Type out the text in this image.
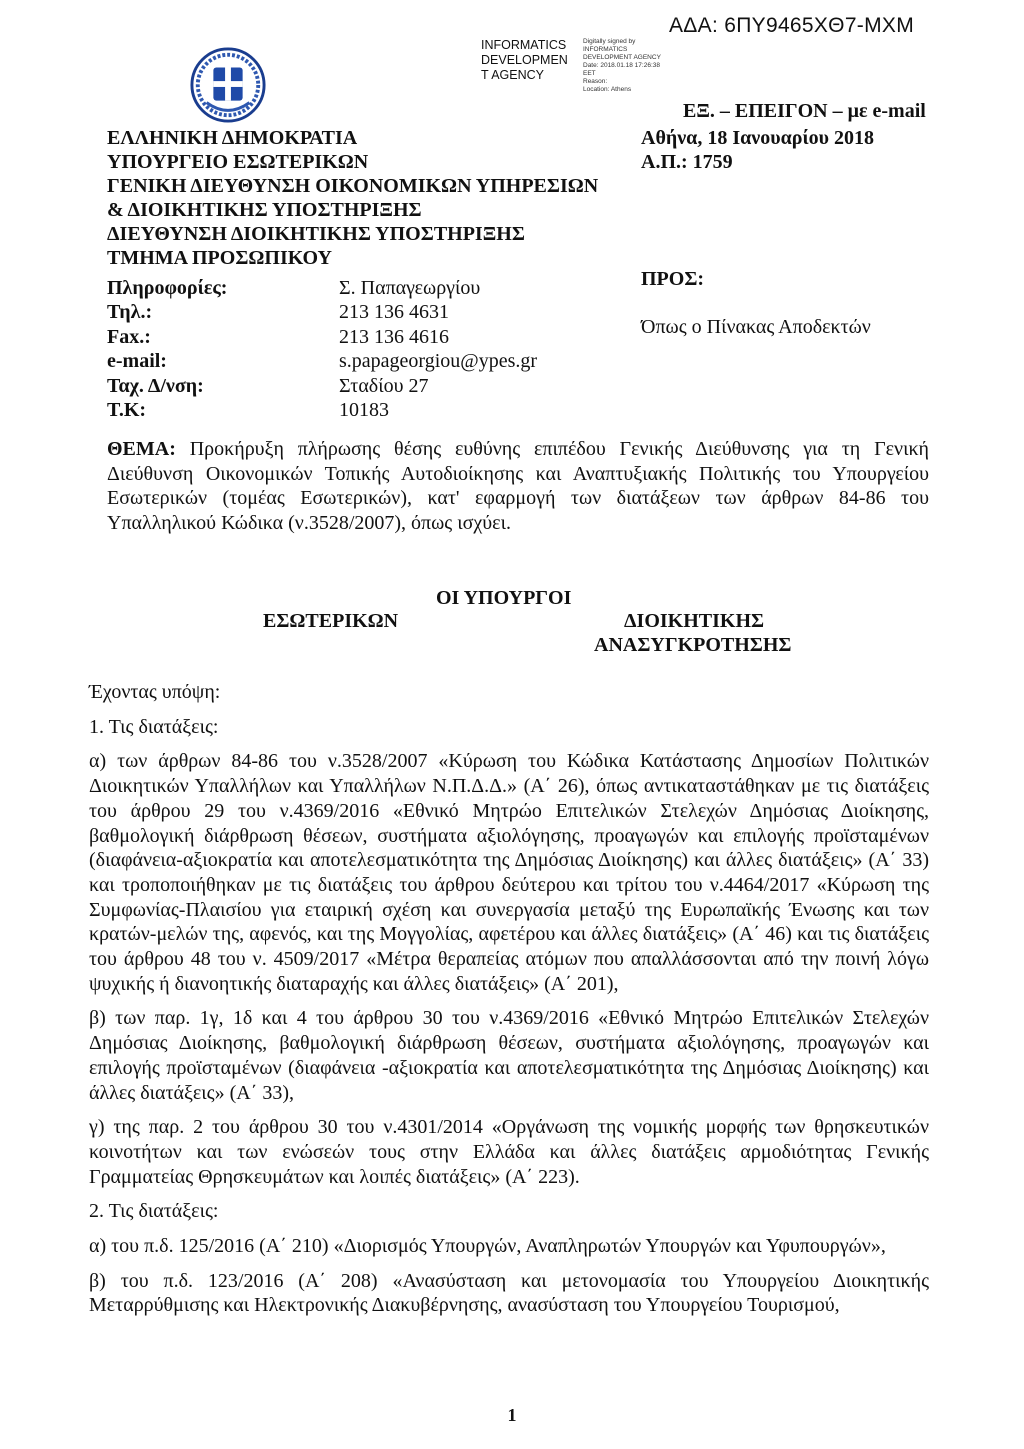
ΑΔΑ: 6ΠΥ9465ΧΘ7-ΜΧΜ
INFORMATICS
DEVELOPMEN
T AGENCY
Digitally signed by
INFORMATICS
DEVELOPMENT AGENCY
Date: 2018.01.18 17:26:38
EET
Reason:
Location: Athens
ΕΞ. – ΕΠΕΙΓΟΝ – με e-mail
ΕΛΛΗΝΙΚΗ ΔΗΜΟΚΡΑΤΙΑ
ΥΠΟΥΡΓΕΙΟ ΕΣΩΤΕΡΙΚΩΝ
ΓΕΝΙΚΗ ΔΙΕΥΘΥΝΣΗ ΟΙΚΟΝΟΜΙΚΩΝ ΥΠΗΡΕΣΙΩΝ
& ΔΙΟΙΚΗΤΙΚΗΣ ΥΠΟΣΤΗΡΙΞΗΣ
ΔΙΕΥΘΥΝΣΗ ΔΙΟΙΚΗΤΙΚΗΣ ΥΠΟΣΤΗΡΙΞΗΣ
ΤΜΗΜΑ ΠΡΟΣΩΠΙΚΟΥ
Αθήνα, 18 Ιανουαρίου 2018
Α.Π.: 1759
Πληροφορίες:	Σ. Παπαγεωργίου
Τηλ.:	213 136 4631
Fax.:	213 136 4616
e-mail:	s.papageorgiou@ypes.gr
Ταχ. Δ/νση:	Σταδίου 27
Τ.Κ:	10183
ΠΡΟΣ:
Όπως ο Πίνακας Αποδεκτών
ΘΕΜΑ: Προκήρυξη πλήρωσης θέσης ευθύνης επιπέδου Γενικής Διεύθυνσης για τη Γενική Διεύθυνση Οικονομικών Τοπικής Αυτοδιοίκησης και Αναπτυξιακής Πολιτικής του Υπουργείου Εσωτερικών (τομέας Εσωτερικών), κατ' εφαρμογή των διατάξεων των άρθρων 84-86 του Υπαλληλικού Κώδικα (ν.3528/2007), όπως ισχύει.
ΟΙ ΥΠΟΥΡΓΟΙ
ΕΣΩΤΕΡΙΚΩΝ	ΔΙΟΙΚΗΤΙΚΗΣ
ΑΝΑΣΥΓΚΡΟΤΗΣΗΣ

Έχοντας υπόψη:

1. Τις διατάξεις:

α) των άρθρων 84-86 του ν.3528/2007 «Κύρωση του Κώδικα Κατάστασης Δημοσίων Πολιτικών Διοικητικών Υπαλλήλων και Υπαλλήλων Ν.Π.Δ.Δ.» (Α΄ 26), όπως αντικαταστάθηκαν με τις διατάξεις του άρθρου 29 του ν.4369/2016 «Εθνικό Μητρώο Επιτελικών Στελεχών Δημόσιας Διοίκησης, βαθμολογική διάρθρωση θέσεων, συστήματα αξιολόγησης, προαγωγών και επιλογής προϊσταμένων (διαφάνεια-αξιοκρατία και αποτελεσματικότητα της Δημόσιας Διοίκησης) και άλλες διατάξεις» (Α΄ 33) και τροποποιήθηκαν με τις διατάξεις του άρθρου δεύτερου και τρίτου του ν.4464/2017 «Κύρωση της Συμφωνίας-Πλαισίου για εταιρική σχέση και συνεργασία μεταξύ της Ευρωπαϊκής Ένωσης και των κρατών-μελών της, αφενός, και της Μογγολίας, αφετέρου και άλλες διατάξεις» (Α΄ 46) και τις διατάξεις του άρθρου 48 του ν. 4509/2017 «Μέτρα θεραπείας ατόμων που απαλλάσσονται από την ποινή λόγω ψυχικής ή διανοητικής διαταραχής και άλλες διατάξεις» (Α΄ 201),

β) των παρ. 1γ, 1δ και 4 του άρθρου 30 του ν.4369/2016 «Εθνικό Μητρώο Επιτελικών Στελεχών Δημόσιας Διοίκησης, βαθμολογική διάρθρωση θέσεων, συστήματα αξιολόγησης, προαγωγών και επιλογής προϊσταμένων (διαφάνεια -αξιοκρατία και αποτελεσματικότητα της Δημόσιας Διοίκησης) και άλλες διατάξεις» (Α΄ 33),

γ) της παρ. 2 του άρθρου 30 του ν.4301/2014 «Οργάνωση της νομικής μορφής των θρησκευτικών κοινοτήτων και των ενώσεών τους στην Ελλάδα και άλλες διατάξεις αρμοδιότητας Γενικής Γραμματείας Θρησκευμάτων και λοιπές διατάξεις» (Α΄ 223).

2. Τις διατάξεις:

α) του π.δ. 125/2016 (Α΄ 210) «Διορισμός Υπουργών, Αναπληρωτών Υπουργών και Υφυπουργών»,

β) του π.δ. 123/2016 (Α΄ 208) «Ανασύσταση και μετονομασία του Υπουργείου Διοικητικής Μεταρρύθμισης και Ηλεκτρονικής Διακυβέρνησης, ανασύσταση του Υπουργείου Τουρισμού,

1
